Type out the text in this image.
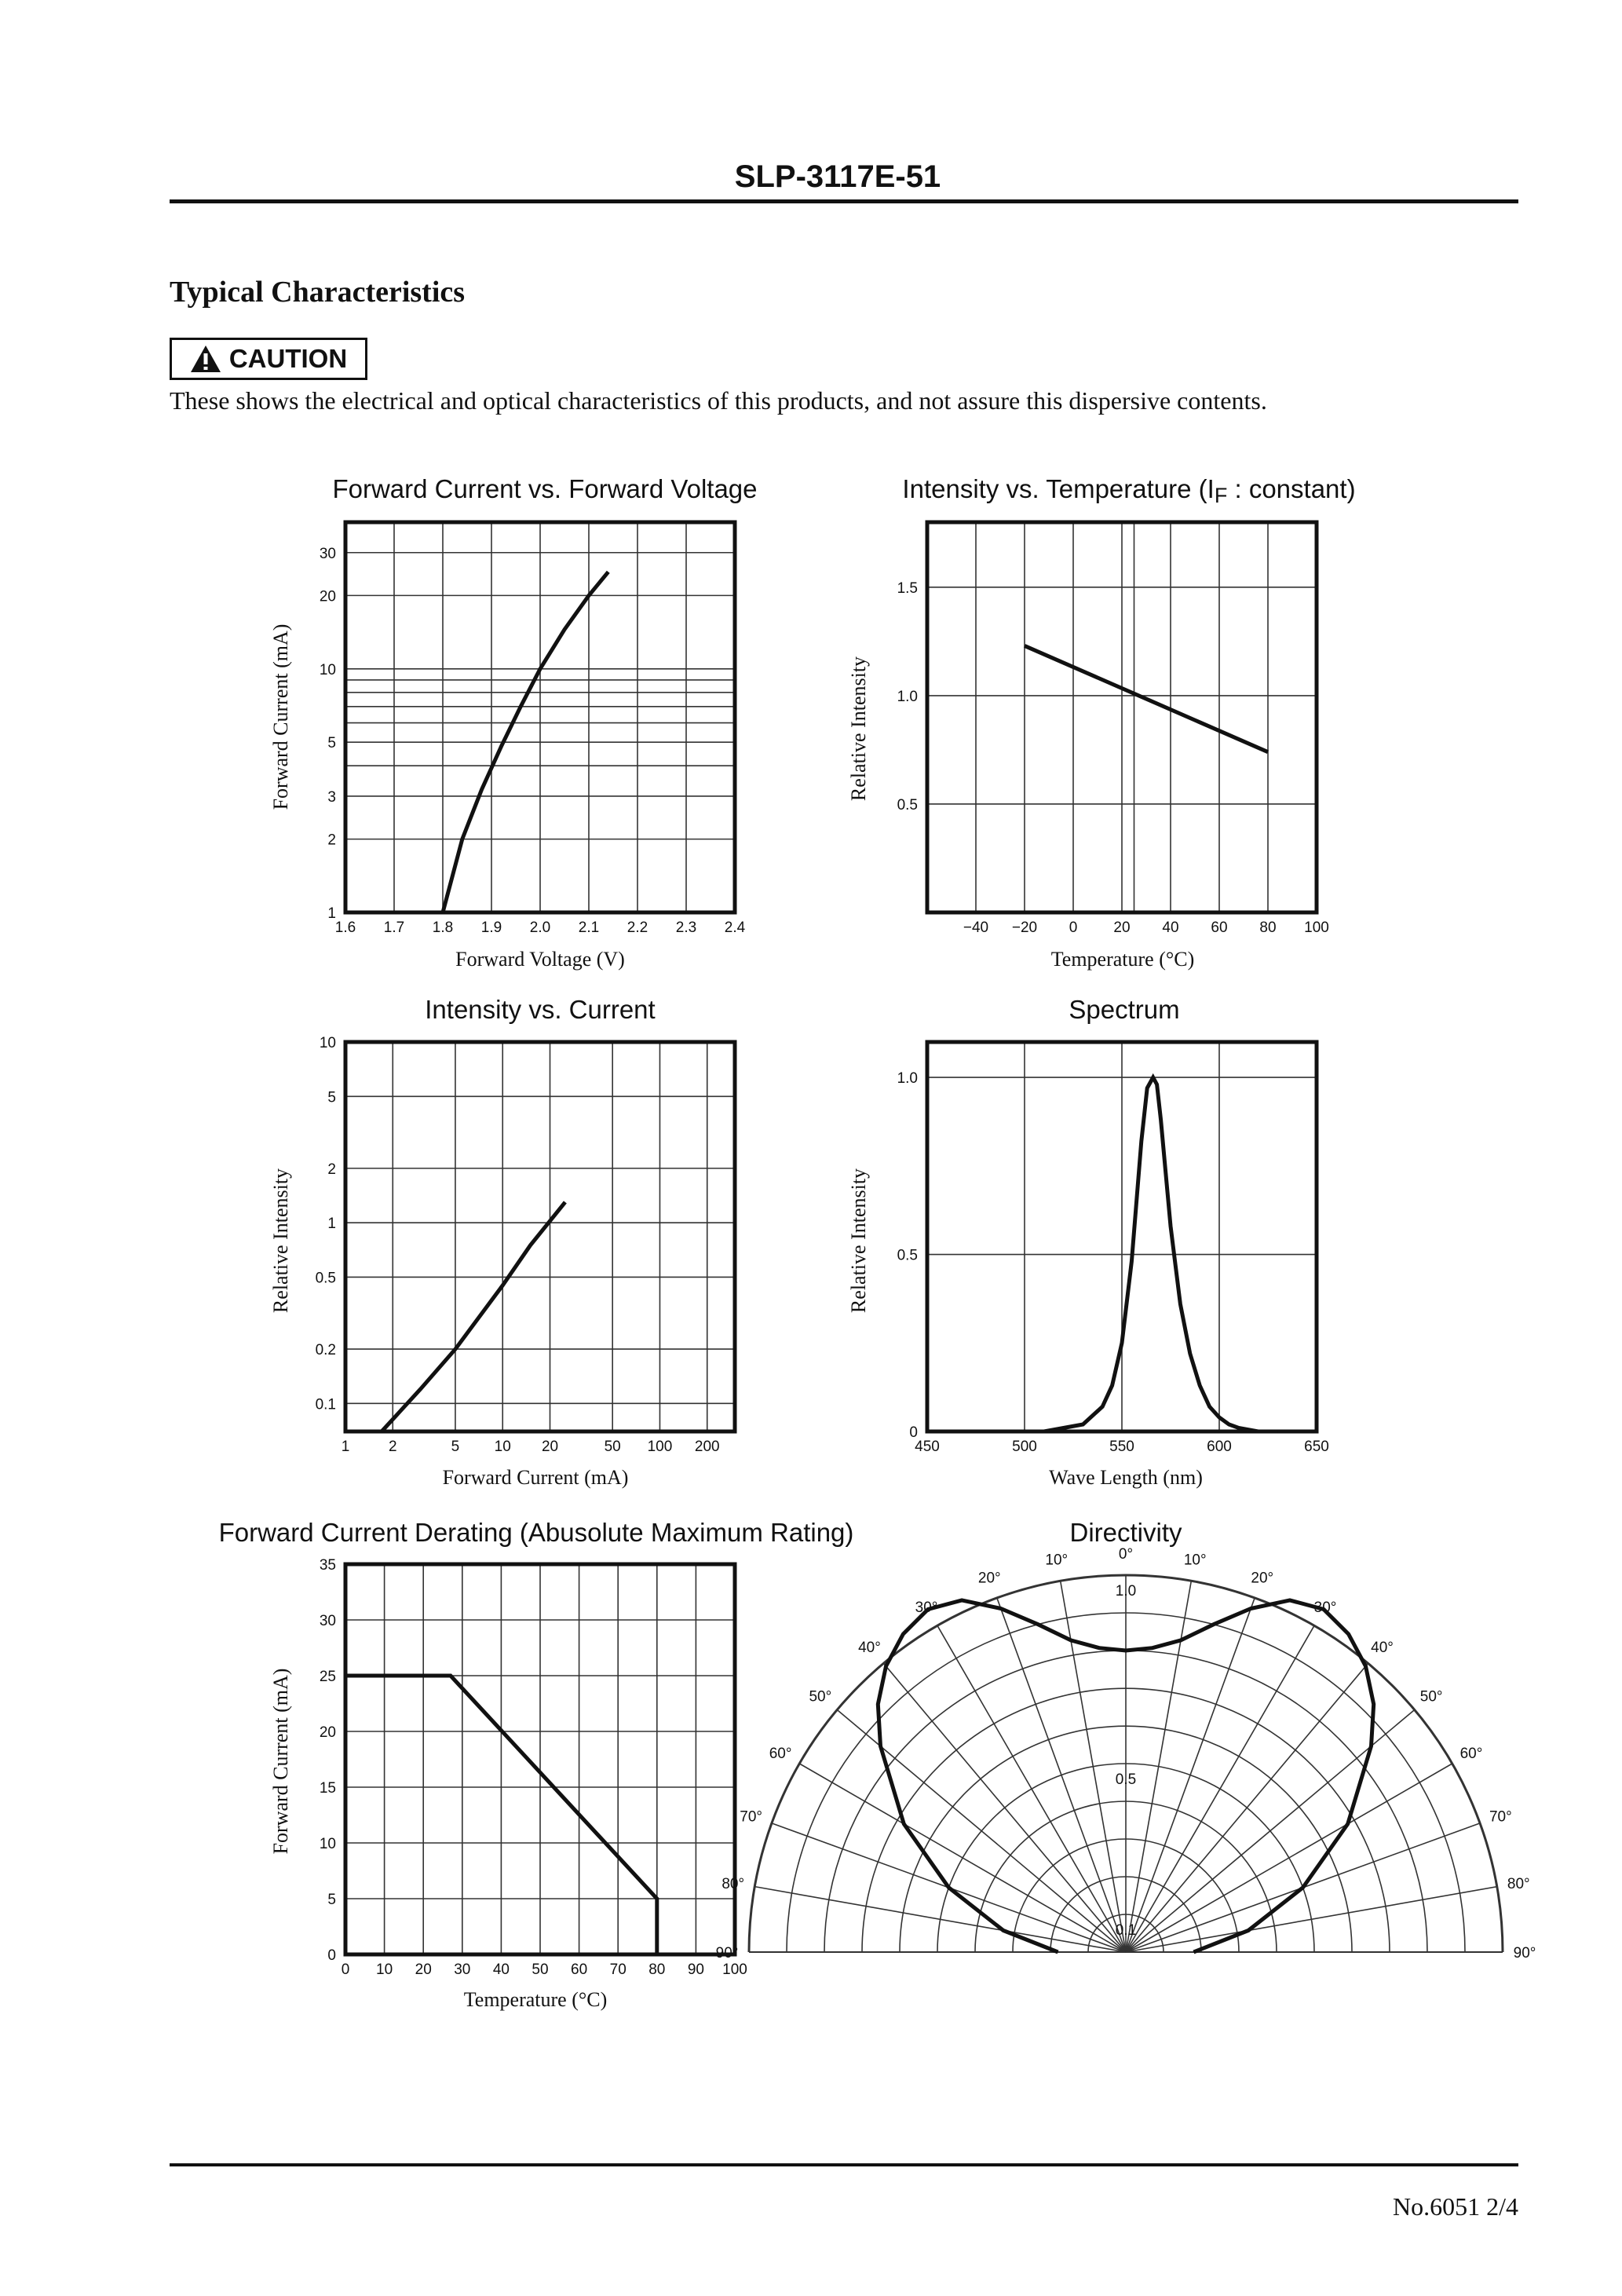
SLP-3117E-51
Typical Characteristics
CAUTION
These shows the electrical and optical characteristics of this products, and not assure this dispersive contents.
Forward Current vs. Forward Voltage
1.6 1.7 1.8 1.9 2.0 2.1 2.2 2.3 2.4
1
2
3
5
10
20
30
Forward Voltage (V)
Forward Current (mA)
Intensity vs. Temperature (IF : constant)
−40 −20 0 20 40 60 80 100
0.5
1.0
1.5
Temperature (°C)
Relative Intensity
Intensity vs. Current
1	2	5 10 20	50 100 200
0.1
0.2
0.5
1
2
5
10
Forward Current (mA)
Relative Intensity
Spectrum
450	500	550	600	650
0
0.5
1.0
Wave Length (nm)
Relative Intensity
Forward Current Derating (Abusolute Maximum Rating)
0 10 20 30 40 50 60 70 80 90 100
0
5
10
15
20
25
30
35
Temperature (°C)
Forward Current (mA)
Directivity
0°
10°	10°
20°	20°
30°	30°
40°	40°
50°	50°
60°	60°
70°	70°
80°	80°
90°	90°
1.0
0.5
0.1
No.6051 2/4
